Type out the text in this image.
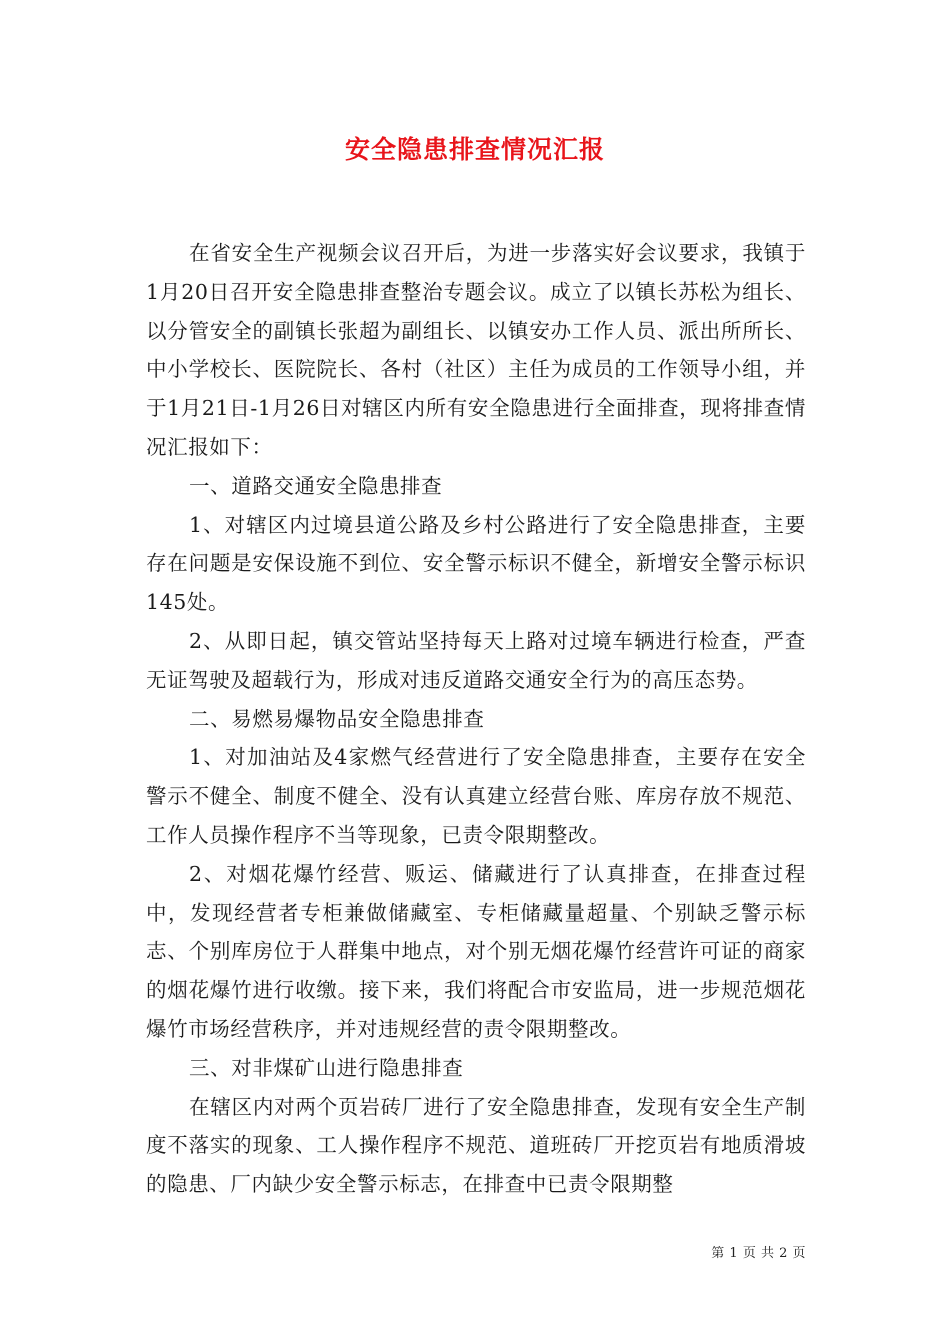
安全隐患排查情况汇报

在省安全生产视频会议召开后，为进一步落实好会议要求，我镇于1月20日召开安全隐患排查整治专题会议。成立了以镇长苏松为组长、以分管安全的副镇长张超为副组长、以镇安办工作人员、派出所所长、中小学校长、医院院长、各村（社区）主任为成员的工作领导小组，并于1月21日-1月26日对辖区内所有安全隐患进行全面排查，现将排查情况汇报如下：

一、道路交通安全隐患排查

1、对辖区内过境县道公路及乡村公路进行了安全隐患排查，主要存在问题是安保设施不到位、安全警示标识不健全，新增安全警示标识145处。

2、从即日起，镇交管站坚持每天上路对过境车辆进行检查，严查无证驾驶及超载行为，形成对违反道路交通安全行为的高压态势。

二、易燃易爆物品安全隐患排查

1、对加油站及4家燃气经营进行了安全隐患排查，主要存在安全警示不健全、制度不健全、没有认真建立经营台账、库房存放不规范、工作人员操作程序不当等现象，已责令限期整改。

2、对烟花爆竹经营、贩运、储藏进行了认真排查，在排查过程中，发现经营者专柜兼做储藏室、专柜储藏量超量、个别缺乏警示标志、个别库房位于人群集中地点，对个别无烟花爆竹经营许可证的商家的烟花爆竹进行收缴。接下来，我们将配合市安监局，进一步规范烟花爆竹市场经营秩序，并对违规经营的责令限期整改。

三、对非煤矿山进行隐患排查

在辖区内对两个页岩砖厂进行了安全隐患排查，发现有安全生产制度不落实的现象、工人操作程序不规范、道班砖厂开挖页岩有地质滑坡的隐患、厂内缺少安全警示标志，在排查中已责令限期整

第 1 页 共 2 页
